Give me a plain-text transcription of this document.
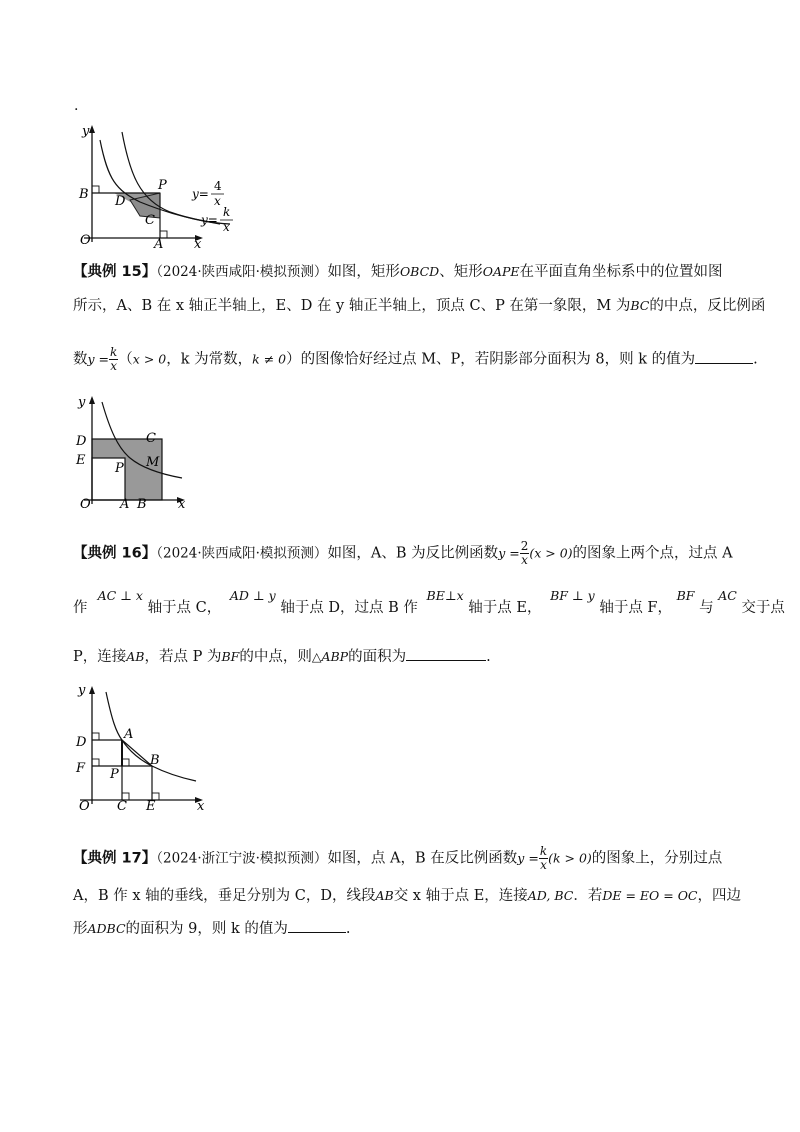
.
y
B
P
D
C
O	A x
y=
4
x
y=
k
x
【典例 15】（2024·陕西咸阳·模拟预测）如图，矩形OBCD、矩形OAPE在平面直角坐标系中的位置如图
所示，A、B 在 x 轴正半轴上，E、D 在 y 轴正半轴上，顶点 C、P 在第一象限，M 为BC的中点，反比例函
数$y = \frac{k}{x} (x > 0$，k 为常数，k ≠ 0）的图像恰好经过点 M、P，若阴影部分面积为 8，则 k 的值为	.
y
D	C
E
P M
O A B x
【典例 16】（2024·陕西咸阳·模拟预测）如图，A、B 为反比例函数$y = \frac{2}{x} (x > 0)$的图象上两个点，过点 A
作 AC ⊥ x 轴于点 C， AD ⊥ y 轴于点 D，过点 B 作 BE⊥x 轴于点 E， BF ⊥ y 轴于点 F， BF 与 AC 交于点
P，连接AB，若点 P 为BF的中点，则△ABP的面积为	.
y
D
A
F P
B
O C E	x
【典例 17】（2024·浙江宁波·模拟预测）如图，点 A，B 在反比例函数$y = \frac{k}{x} (k > 0)$的图象上，分别过点
A，B 作 x 轴的垂线，垂足分别为 C，D，线段AB交 x 轴于点 E，连接AD, BC．若DE = EO = OC，四边
形ADBC的面积为 9，则 k 的值为	.
